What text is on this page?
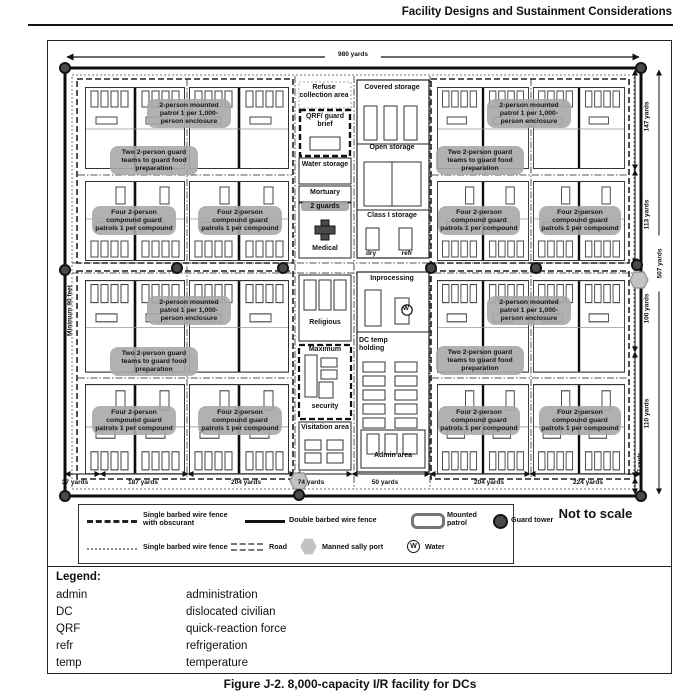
Facility Designs and Sustainment Considerations
W
980 yards
2-person mounted patrol 1 per 1,000-person enclosure
Two 2-person guard teams to guard food preparation
Four 2-person compound guard patrols 1 per compound
Four 2-person compound guard patrols 1 per compound
2-person mounted patrol 1 per 1,000-person enclosure
Two 2-person guard teams to guard food preparation
Four 2-person compound guard patrols 1 per compound
Four 2-person compound guard patrols 1 per compound
2-person mounted patrol 1 per 1,000-person enclosure
Two 2-person guard teams to guard food preparation
Four 2-person compound guard patrols 1 per compound
Four 2-person compound guard patrols 1 per compound
2-person mounted patrol 1 per 1,000-person enclosure
Two 2-person guard teams to guard food preparation
Four 2-person compound guard patrols 1 per compound
Four 2-person compound guard patrols 1 per compound
Refuse collection area
QRF/ guard brief
Water storage
Mortuary
2 guards
Medical
Covered storage
Open storage
Class I storage
dry	refr
Religious
Maximum
security
Visitation area
Inprocessing
DC temp holding
Admin area
37 yards	187 yards	204 yards	74 yards	50 yards	204 yards	224 yards
147 yards
113 yards
100 yards
110 yards
507 yards
37 yards
Minimum 90 feet
Single barbed wire fence with obscurant	Double barbed wire fence
Mounted patrol	Guard tower
Single barbed wire fence	Road	Manned sally port	W	Water
Not to scale
Legend:
admin	administration
DC	dislocated civilian
QRF	quick-reaction force
refr	refrigeration
temp	temperature
Figure J-2. 8,000-capacity I/R facility for DCs
